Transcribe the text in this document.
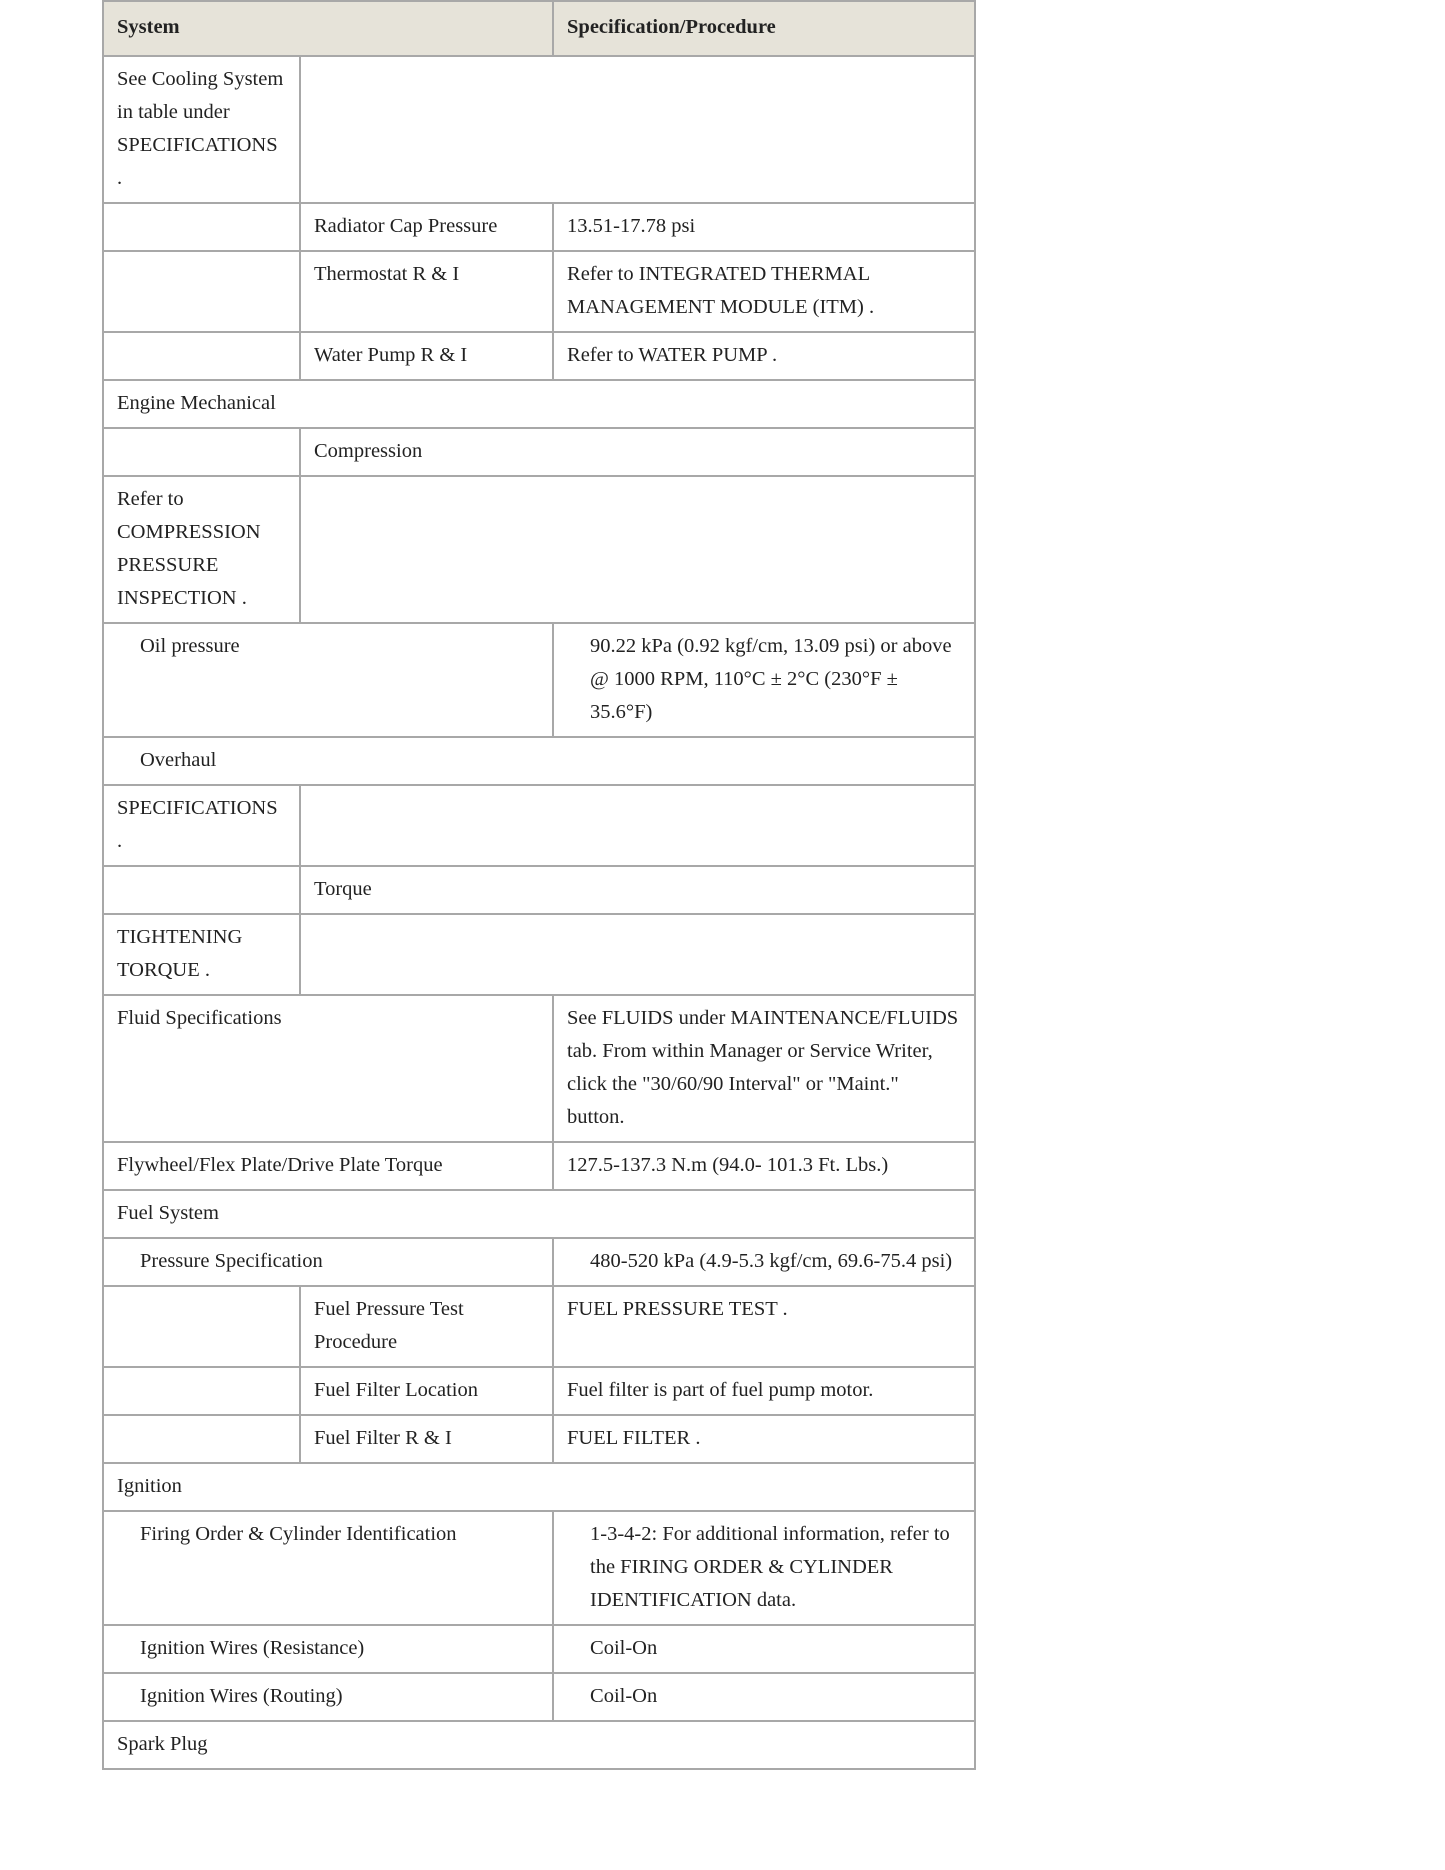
System		Specification/Procedure
See Cooling System in table under SPECIFICATIONS .		
	Radiator Cap Pressure	13.51-17.78 psi
	Thermostat R & I	Refer to INTEGRATED THERMAL MANAGEMENT MODULE (ITM) .
	Water Pump R & I	Refer to WATER PUMP .
Engine Mechanical		
	Compression	
Refer to COMPRESSION PRESSURE INSPECTION .		
Oil pressure		90.22 kPa (0.92 kgf/cm, 13.09 psi) or above @ 1000 RPM, 110°C ± 2°C (230°F ± 35.6°F)
Overhaul		
SPECIFICATIONS .		
	Torque	
TIGHTENING TORQUE .		
Fluid Specifications		See FLUIDS under MAINTENANCE/FLUIDS tab. From within Manager or Service Writer, click the "30/60/90 Interval" or "Maint." button.
Flywheel/Flex Plate/Drive Plate Torque		127.5-137.3 N.m (94.0- 101.3 Ft. Lbs.)
Fuel System		
Pressure Specification		480-520 kPa (4.9-5.3 kgf/cm, 69.6-75.4 psi)
	Fuel Pressure Test Procedure	FUEL PRESSURE TEST .
	Fuel Filter Location	Fuel filter is part of fuel pump motor.
	Fuel Filter R & I	FUEL FILTER .
Ignition		
Firing Order & Cylinder Identification		1-3-4-2: For additional information, refer to the FIRING ORDER & CYLINDER IDENTIFICATION data.
Ignition Wires (Resistance)		Coil-On
Ignition Wires (Routing)		Coil-On
Spark Plug		
